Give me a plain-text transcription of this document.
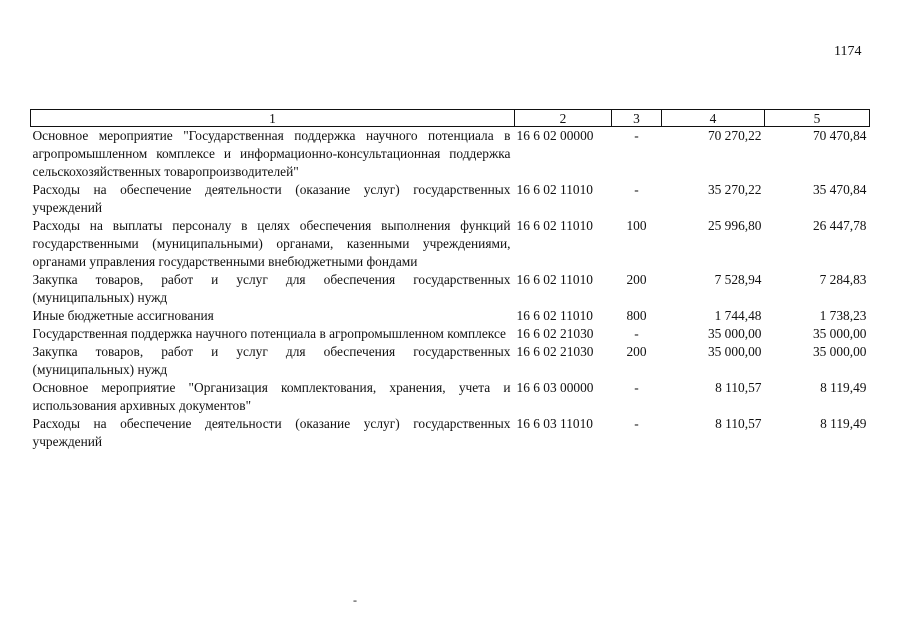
1174
1	2	3	4	5
Основное мероприятие "Государственная поддержка научного потенциала в агропромышленном комплексе и информационно-консультационная поддержка сельскохозяйственных товаропроизводителей"	16 6 02 00000	-	70 270,22	70 470,84
Расходы на обеспечение деятельности (оказание услуг) государственных учреждений	16 6 02 11010	-	35 270,22	35 470,84
Расходы на выплаты персоналу в целях обеспечения выполнения функций государственными (муниципальными) органами, казенными учреждениями, органами управления государственными внебюджетными фондами	16 6 02 11010	100	25 996,80	26 447,78
Закупка товаров, работ и услуг для обеспечения государственных (муниципальных) нужд	16 6 02 11010	200	7 528,94	7 284,83
Иные бюджетные ассигнования	16 6 02 11010	800	1 744,48	1 738,23
Государственная поддержка научного потенциала в агропромышленном комплексе	16 6 02 21030	-	35 000,00	35 000,00
Закупка товаров, работ и услуг для обеспечения государственных (муниципальных) нужд	16 6 02 21030	200	35 000,00	35 000,00
Основное мероприятие "Организация комплектования, хранения, учета и использования архивных документов"	16 6 03 00000	-	8 110,57	8 119,49
Расходы на обеспечение деятельности (оказание услуг) государственных учреждений	16 6 03 11010	-	8 110,57	8 119,49
-
